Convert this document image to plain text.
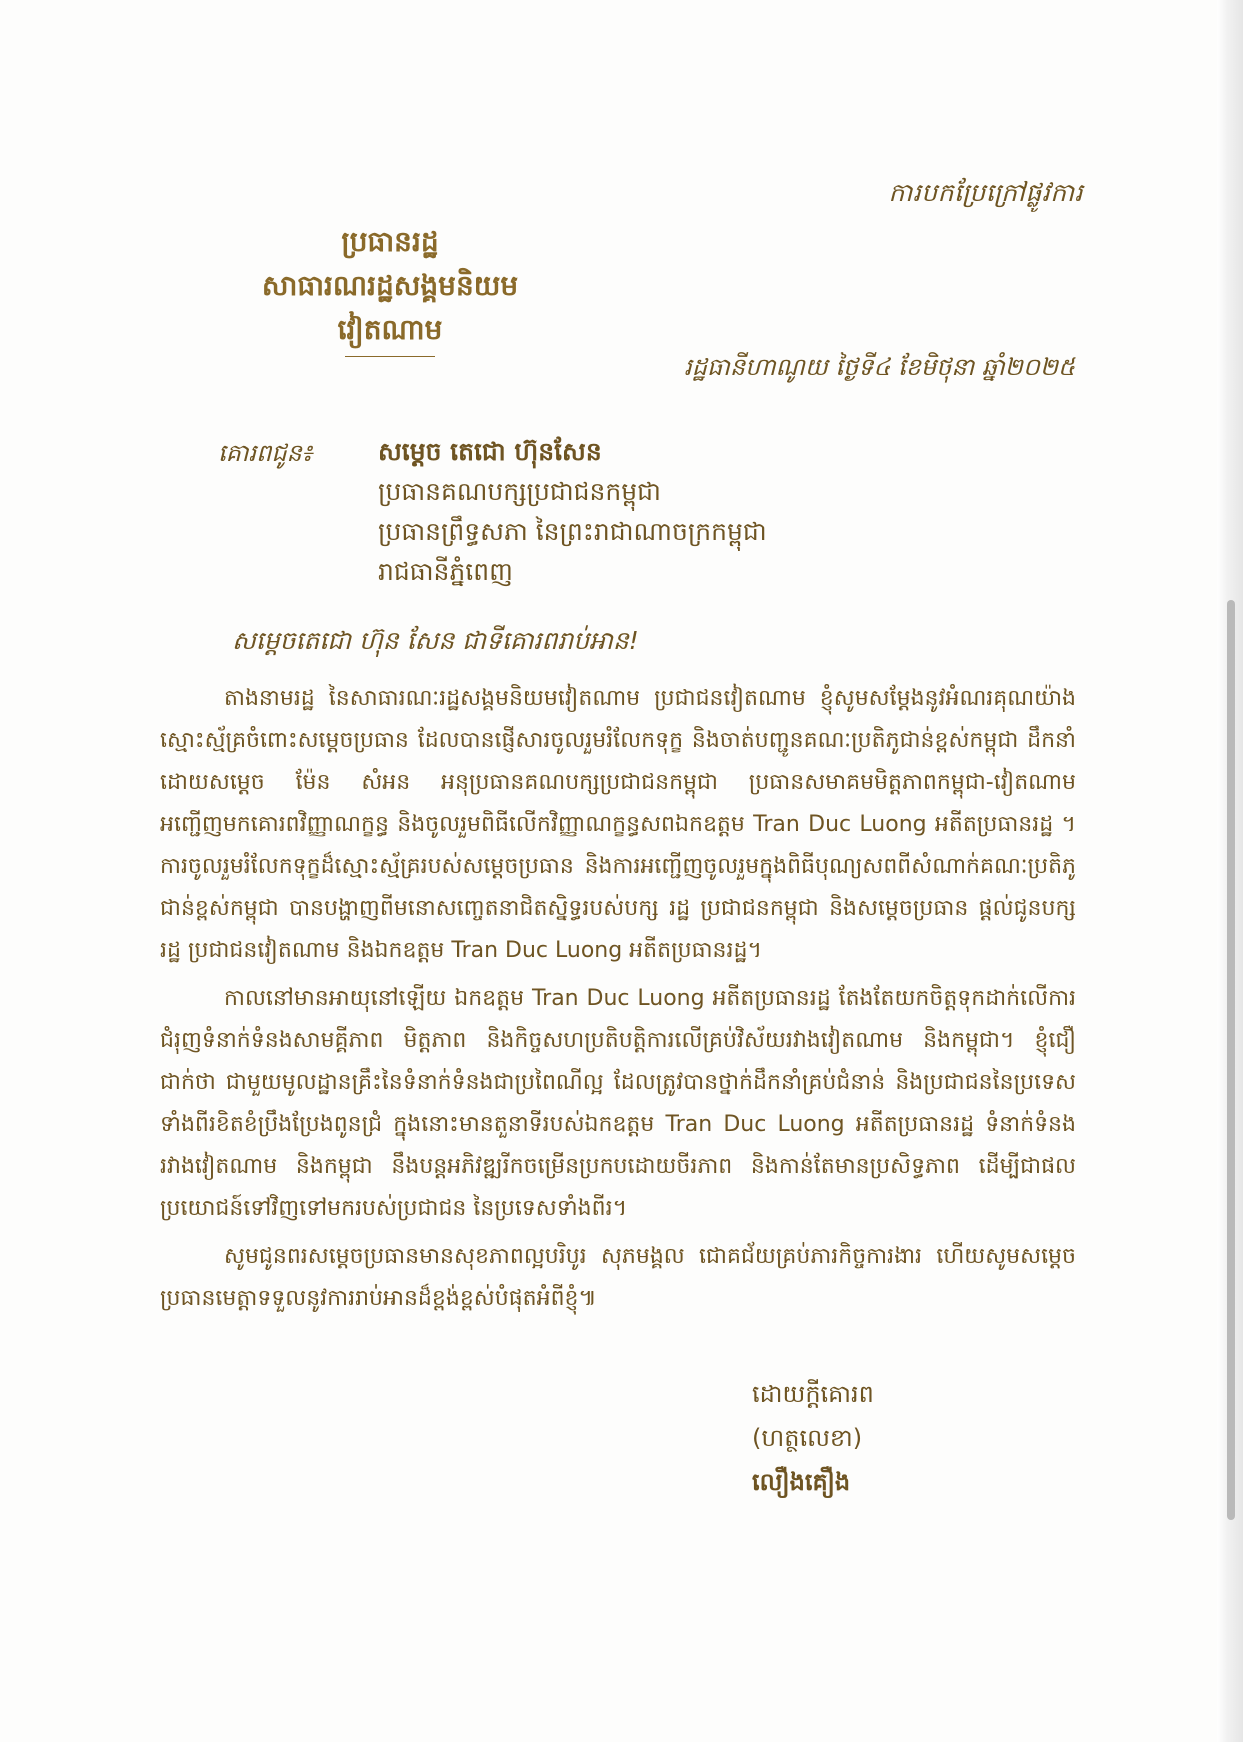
ការបកប្រែក្រៅផ្លូវការ
ប្រធានរដ្ឋ
សាធារណរដ្ឋសង្គមនិយម
វៀតណាម
រដ្ឋធានីហាណូយ ថ្ងៃទី៤ ខែមិថុនា ឆ្នាំ២០២៥
គោរពជូន៖	សម្តេច តេជោ ហ៊ុនសែន
ប្រធានគណបក្សប្រជាជនកម្ពុជា
ប្រធានព្រឹទ្ធសភា នៃព្រះរាជាណាចក្រកម្ពុជា
រាជធានីភ្នំពេញ
សម្តេចតេជោ ហ៊ុន សែន ជាទីគោរពរាប់អាន!

តាងនាមរដ្ឋ នៃសាធារណៈរដ្ឋសង្គមនិយមវៀតណាម ប្រជាជនវៀតណាម ខ្ញុំសូមសម្តែងនូវអំណរគុណយ៉ាងស្មោះស្ម័គ្រចំពោះសម្តេចប្រធាន ដែលបានផ្ញើសារចូលរួមរំលែកទុក្ខ និងចាត់បញ្ជូនគណៈប្រតិភូជាន់ខ្ពស់កម្ពុជា ដឹកនាំដោយសម្តេច ម៉ែន សំអន អនុប្រធានគណបក្សប្រជាជនកម្ពុជា ប្រធានសមាគមមិត្តភាពកម្ពុជា-វៀតណាម អញ្ជើញមកគោរពវិញ្ញាណក្ខន្ធ និងចូលរួមពិធីលើកវិញ្ញាណក្ខន្ធសពឯកឧត្តម Tran Duc Luong អតីតប្រធានរដ្ឋ ។ ការចូលរួមរំលែកទុក្ខដ៏ស្មោះស្ម័គ្ររបស់សម្តេចប្រធាន និងការអញ្ជើញចូលរួមក្នុងពិធីបុណ្យសពពីសំណាក់គណៈប្រតិភូជាន់ខ្ពស់កម្ពុជា បានបង្ហាញពីមនោសញ្ចេតនាជិតស្និទ្ធរបស់បក្ស រដ្ឋ ប្រជាជនកម្ពុជា និងសម្តេចប្រធាន ផ្តល់ជូនបក្ស រដ្ឋ ប្រជាជនវៀតណាម និងឯកឧត្តម Tran Duc Luong អតីតប្រធានរដ្ឋ។

កាលនៅមានអាយុនៅឡើយ ឯកឧត្តម Tran Duc Luong អតីតប្រធានរដ្ឋ តែងតែយកចិត្តទុកដាក់លើការជំរុញទំនាក់ទំនងសាមគ្គីភាព មិត្តភាព និងកិច្ចសហប្រតិបត្តិការលើគ្រប់វិស័យរវាងវៀតណាម និងកម្ពុជា។ ខ្ញុំជឿជាក់ថា ជាមួយមូលដ្ឋានគ្រឹះនៃទំនាក់ទំនងជាប្រពៃណីល្អ ដែលត្រូវបានថ្នាក់ដឹកនាំគ្រប់ជំនាន់ និងប្រជាជននៃប្រទេសទាំងពីរខិតខំប្រឹងប្រែងពូនជ្រំ ក្នុងនោះមានតួនាទីរបស់ឯកឧត្តម Tran Duc Luong អតីតប្រធានរដ្ឋ ទំនាក់ទំនងរវាងវៀតណាម និងកម្ពុជា នឹងបន្តអភិវឌ្ឍរីកចម្រើនប្រកបដោយចីរភាព និងកាន់តែមានប្រសិទ្ធភាព ដើម្បីជាផលប្រយោជន៍ទៅវិញទៅមករបស់ប្រជាជន នៃប្រទេសទាំងពីរ។

សូមជូនពរសម្តេចប្រធានមានសុខភាពល្អបរិបូរ សុភមង្គល ជោគជ័យគ្រប់ភារកិច្ចការងារ ហើយសូមសម្តេចប្រធានមេត្តាទទួលនូវការរាប់អានដ៏ខ្ពង់ខ្ពស់បំផុតអំពីខ្ញុំ៕

ដោយក្តីគោរព
(ហត្ថលេខា)
លឿងគឿង
